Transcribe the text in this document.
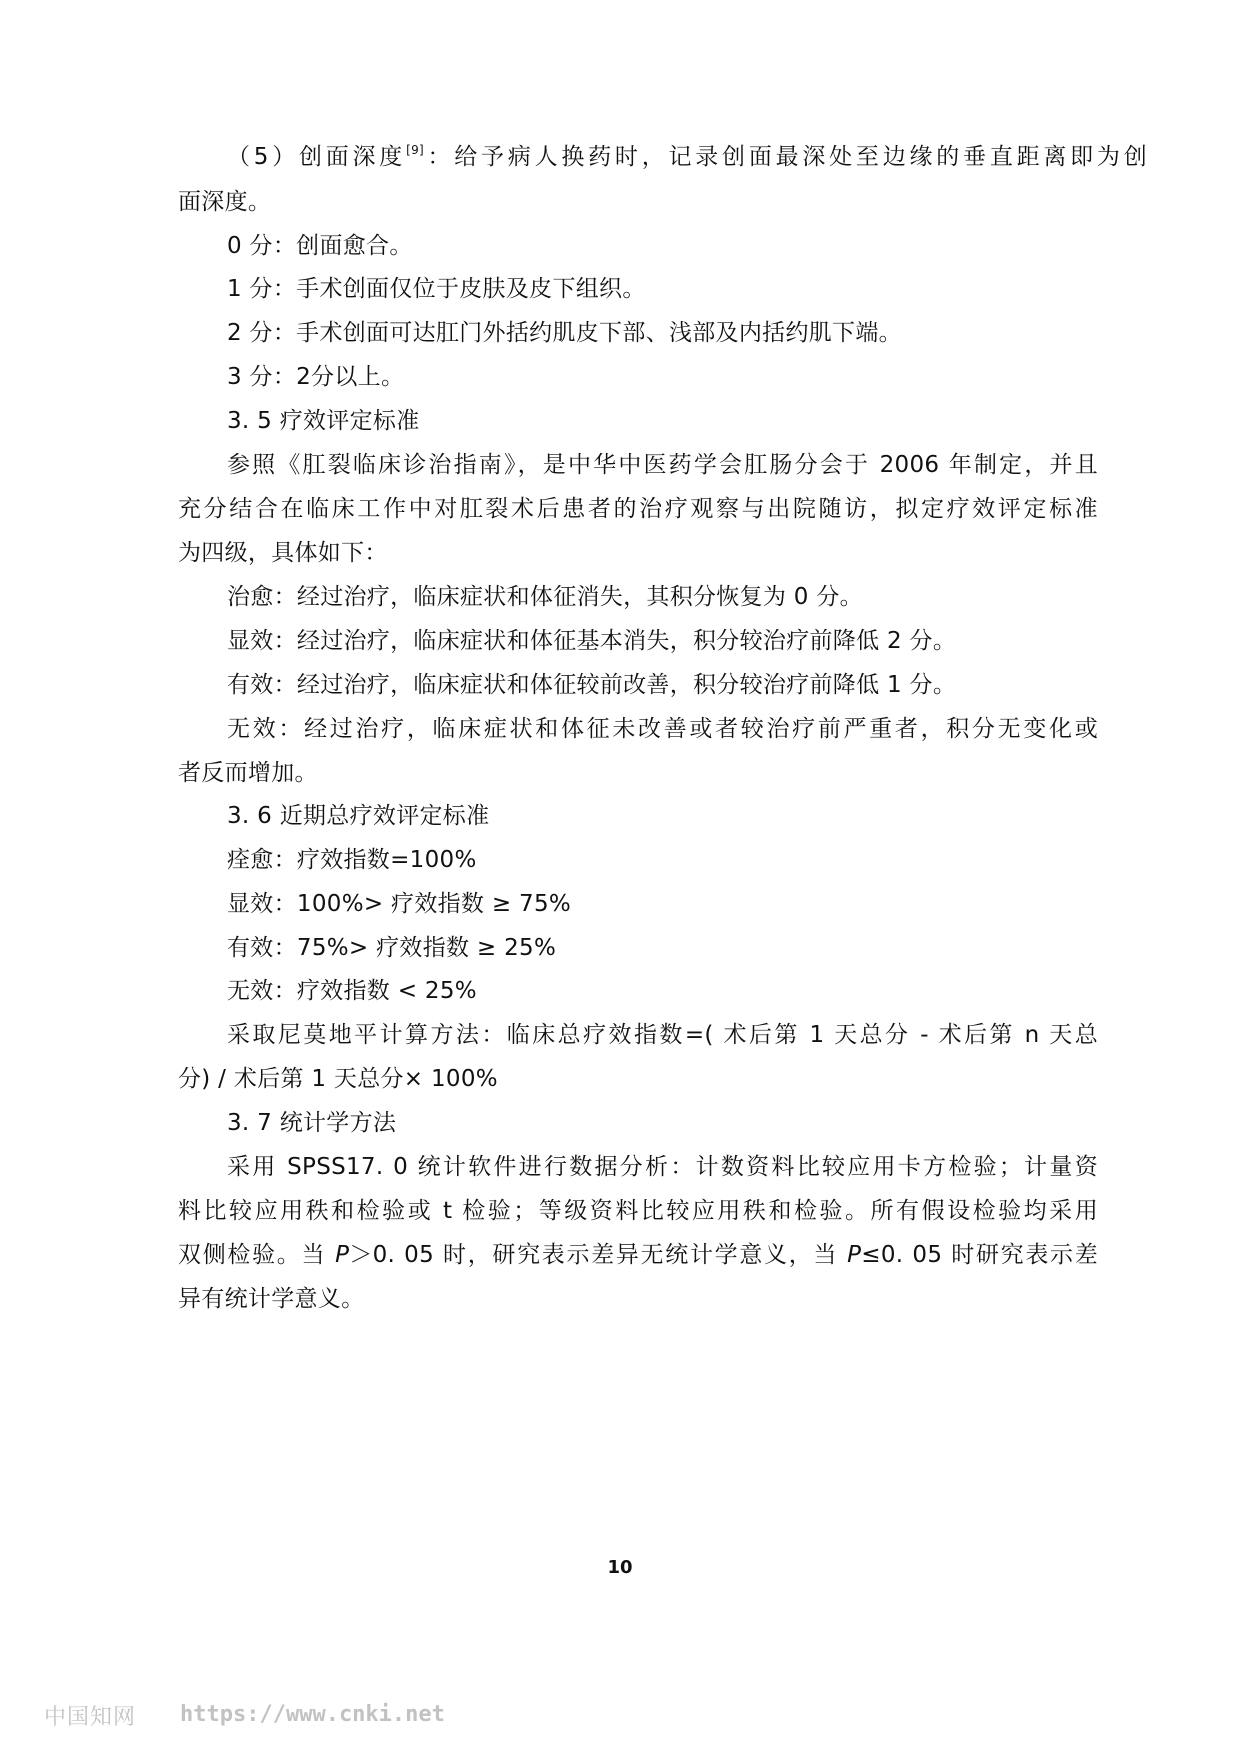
（5）创面深度[9]：给予病人换药时，记录创面最深处至边缘的垂直距离即为创

面深度。

0 分：创面愈合。

1 分：手术创面仅位于皮肤及皮下组织。

2 分：手术创面可达肛门外括约肌皮下部、浅部及内括约肌下端。

3 分：2分以上。

3. 5 疗效评定标准

参照《肛裂临床诊治指南》，是中华中医药学会肛肠分会于 2006 年制定，并且

充分结合在临床工作中对肛裂术后患者的治疗观察与出院随访，拟定疗效评定标准

为四级，具体如下：

治愈：经过治疗，临床症状和体征消失，其积分恢复为 0 分。

显效：经过治疗，临床症状和体征基本消失，积分较治疗前降低 2 分。

有效：经过治疗，临床症状和体征较前改善，积分较治疗前降低 1 分。

无效：经过治疗，临床症状和体征未改善或者较治疗前严重者，积分无变化或

者反而增加。

3. 6 近期总疗效评定标准

痊愈：疗效指数=100%

显效：100%> 疗效指数 ≥ 75%

有效：75%> 疗效指数 ≥ 25%

无效：疗效指数 < 25%

采取尼莫地平计算方法：临床总疗效指数=( 术后第 1 天总分 - 术后第 n 天总

分) / 术后第 1 天总分× 100%

3. 7 统计学方法

采用 SPSS17. 0 统计软件进行数据分析：计数资料比较应用卡方检验；计量资

料比较应用秩和检验或 t 检验；等级资料比较应用秩和检验。所有假设检验均采用

双侧检验。当 P＞0. 05 时，研究表示差异无统计学意义，当 P≤0. 05 时研究表示差

异有统计学意义。

10
中国知网 https://www.cnki.net
